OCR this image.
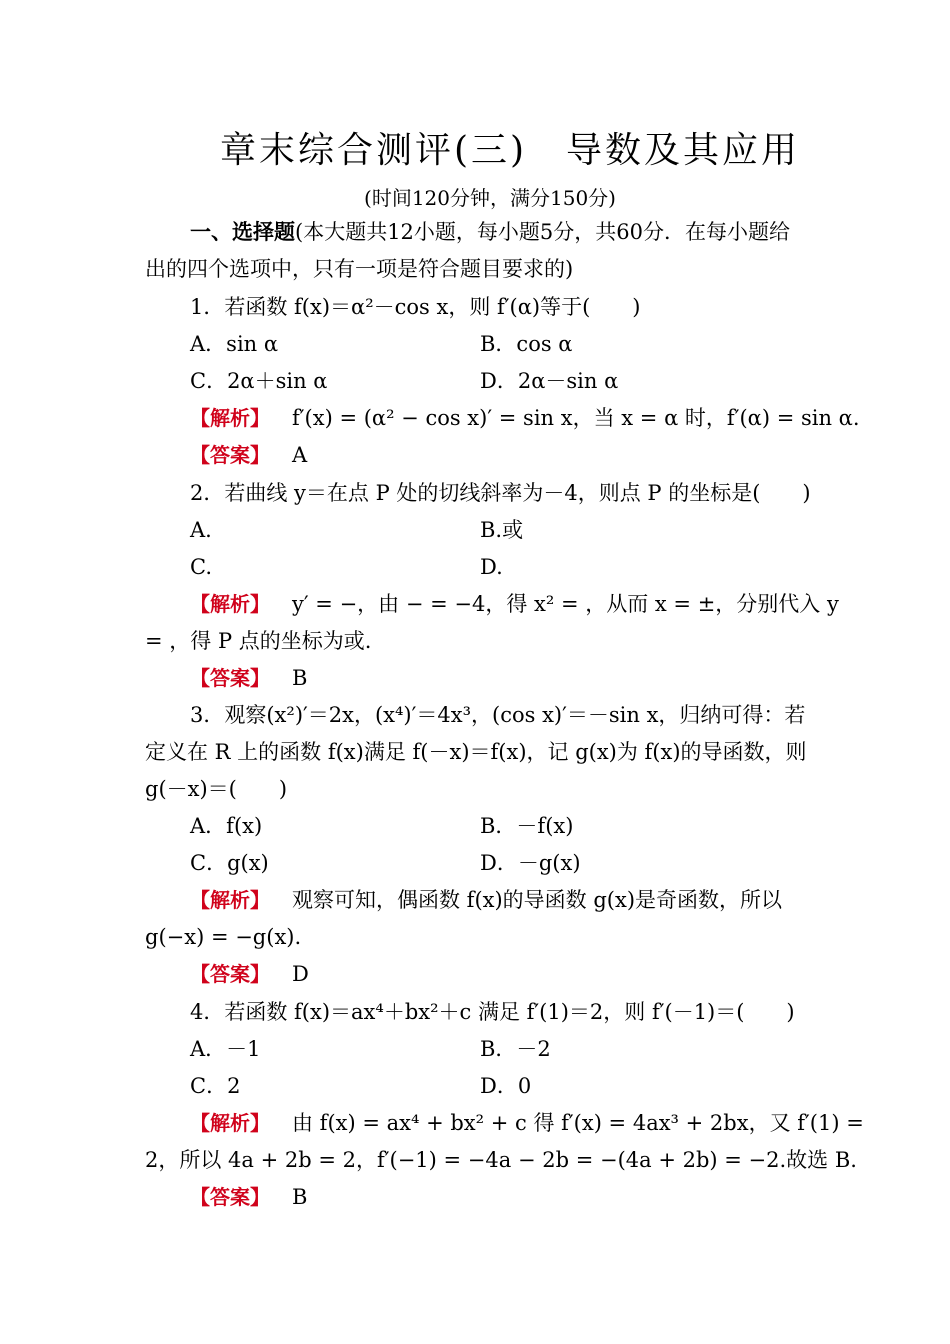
章末综合测评(三)　导数及其应用
(时间120分钟，满分150分)
一、选择题(本大题共12小题，每小题5分，共60分．在每小题给
出的四个选项中，只有一项是符合题目要求的)
1．若函数 f(x)＝α²－cos x，则 f′(α)等于(　　)
A．sin α	B．cos α
C．2α＋sin α	D．2α－sin α
【解析】 f′(x) = (α² − cos x)′ = sin x，当 x = α 时，f′(α) = sin α.
【答案】 A
2．若曲线 y＝在点 P 处的切线斜率为－4，则点 P 的坐标是(　　)
A.	B.或
C.	D.
【解析】 y′ = −，由 − = −4，得 x² = ，从而 x = ±，分别代入 y
= ，得 P 点的坐标为或.
【答案】 B
3．观察(x²)′＝2x，(x⁴)′＝4x³，(cos x)′＝－sin x，归纳可得：若
定义在 R 上的函数 f(x)满足 f(－x)＝f(x)，记 g(x)为 f(x)的导函数，则
g(－x)＝(　　)
A．f(x)	B．－f(x)
C．g(x)	D．－g(x)
【解析】 观察可知，偶函数 f(x)的导函数 g(x)是奇函数，所以
g(−x) = −g(x).
【答案】 D
4．若函数 f(x)＝ax⁴＋bx²＋c 满足 f′(1)＝2，则 f′(－1)＝(　　)
A．－1	B．－2
C．2	D．0
【解析】 由 f(x) = ax⁴ + bx² + c 得 f′(x) = 4ax³ + 2bx，又 f′(1) =
2，所以 4a + 2b = 2，f′(−1) = −4a − 2b = −(4a + 2b) = −2.故选 B.
【答案】 B
